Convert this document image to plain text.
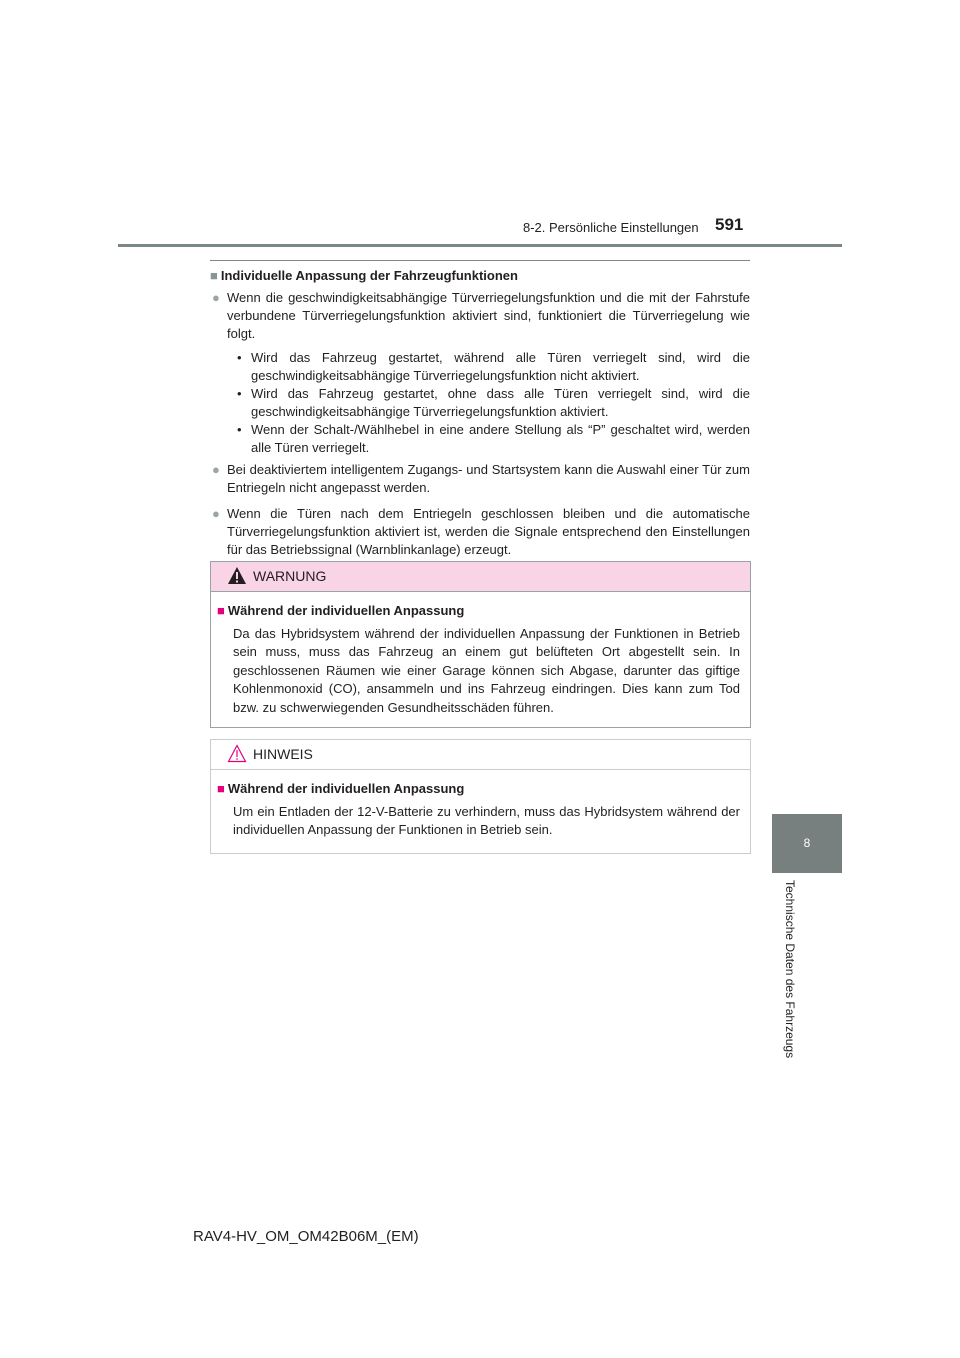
8-2. Persönliche Einstellungen 591
8
Technische Daten des Fahrzeugs
■ Individuelle Anpassung der Fahrzeugfunktionen
● Wenn die geschwindigkeitsabhängige Türverriegelungsfunktion und die mit der Fahrstufe verbundene Türverriegelungsfunktion aktiviert sind, funktioniert die Türverriegelung wie folgt.
• Wird das Fahrzeug gestartet, während alle Türen verriegelt sind, wird die geschwindigkeitsabhängige Türverriegelungsfunktion nicht aktiviert.
• Wird das Fahrzeug gestartet, ohne dass alle Türen verriegelt sind, wird die geschwindigkeitsabhängige Türverriegelungsfunktion aktiviert.
• Wenn der Schalt-/Wählhebel in eine andere Stellung als “P” geschaltet wird, werden alle Türen verriegelt.
● Bei deaktiviertem intelligentem Zugangs- und Startsystem kann die Auswahl einer Tür zum Entriegeln nicht angepasst werden.
● Wenn die Türen nach dem Entriegeln geschlossen bleiben und die automatische Türverriegelungsfunktion aktiviert ist, werden die Signale entsprechend den Einstellungen für das Betriebssignal (Warnblinkanlage) erzeugt.
WARNUNG
■ Während der individuellen Anpassung

Da das Hybridsystem während der individuellen Anpassung der Funktionen in Betrieb sein muss, muss das Fahrzeug an einem gut belüfteten Ort abgestellt sein. In geschlossenen Räumen wie einer Garage können sich Abgase, darunter das giftige Kohlenmonoxid (CO), ansammeln und ins Fahrzeug eindringen. Dies kann zum Tod bzw. zu schwerwiegenden Gesundheitsschäden führen.

HINWEIS
■ Während der individuellen Anpassung

Um ein Entladen der 12-V-Batterie zu verhindern, muss das Hybridsystem während der individuellen Anpassung der Funktionen in Betrieb sein.

RAV4-HV_OM_OM42B06M_(EM)
